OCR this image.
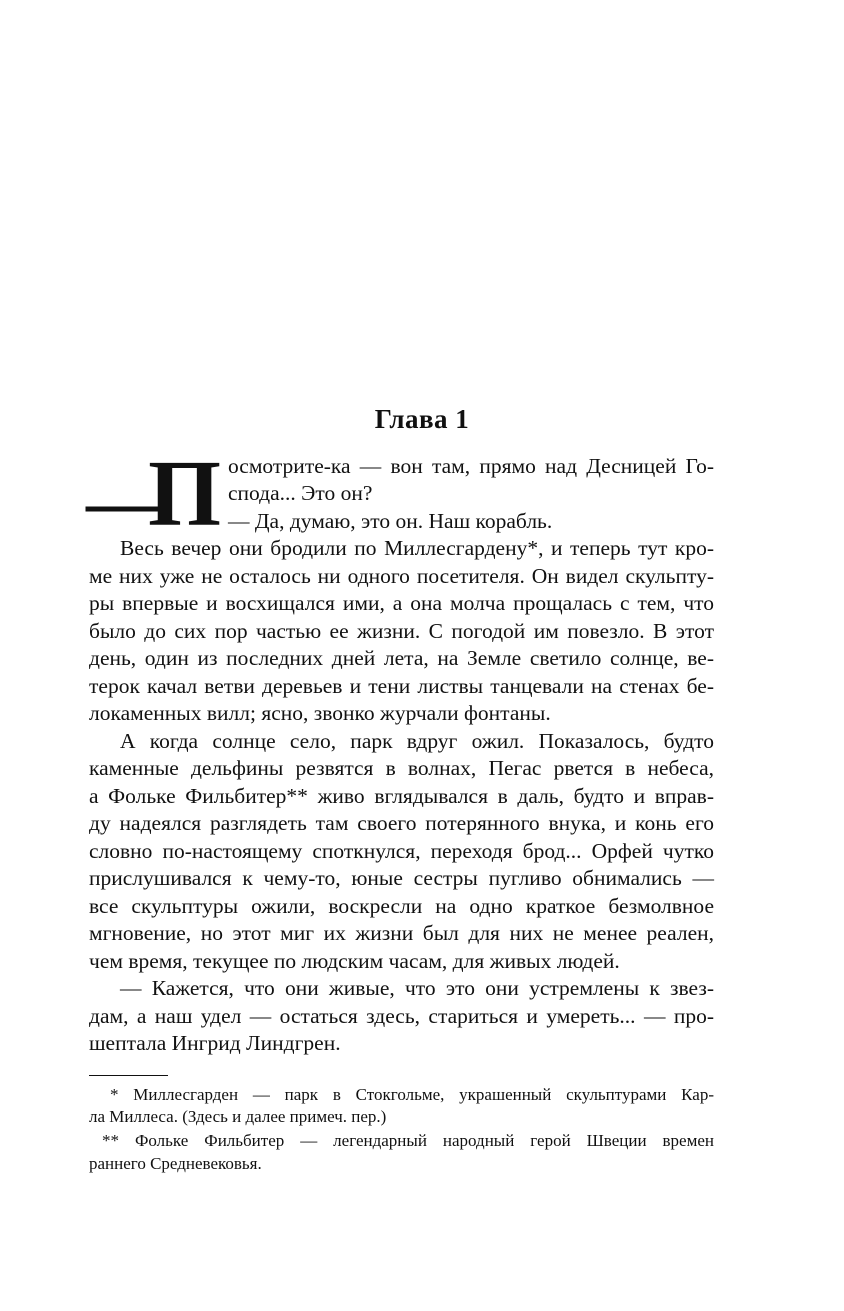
Глава 1
—
П осмотрите-ка — вон там, прямо над Десницей Го-
спода... Это он?
— Да, думаю, это он. Наш корабль.
Весь вечер они бродили по Миллесгардену*, и теперь тут кро-
ме них уже не осталось ни одного посетителя. Он видел скульпту-
ры впервые и восхищался ими, а она молча прощалась с тем, что
было до сих пор частью ее жизни. С погодой им повезло. В этот
день, один из последних дней лета, на Земле светило солнце, ве-
терок качал ветви деревьев и тени листвы танцевали на стенах бе-
локаменных вилл; ясно, звонко журчали фонтаны.
А когда солнце село, парк вдруг ожил. Показалось, будто
каменные дельфины резвятся в волнах, Пегас рвется в небеса,
а Фольке Фильбитер** живо вглядывался в даль, будто и вправ-
ду надеялся разглядеть там своего потерянного внука, и конь его
словно по-настоящему споткнулся, переходя брод... Орфей чутко
прислушивался к чему-то, юные сестры пугливо обнимались —
все скульптуры ожили, воскресли на одно краткое безмолвное
мгновение, но этот миг их жизни был для них не менее реален,
чем время, текущее по людским часам, для живых людей.
— Кажется, что они живые, что это они устремлены к звез-
дам, а наш удел — остаться здесь, стариться и умереть... — про-
шептала Ингрид Линдгрен.
* Миллесгарден — парк в Стокгольме, украшенный скульптурами Кар-
ла Миллеса. (Здесь и далее примеч. пер.)
** Фольке Фильбитер — легендарный народный герой Швеции времен
раннего Средневековья.
